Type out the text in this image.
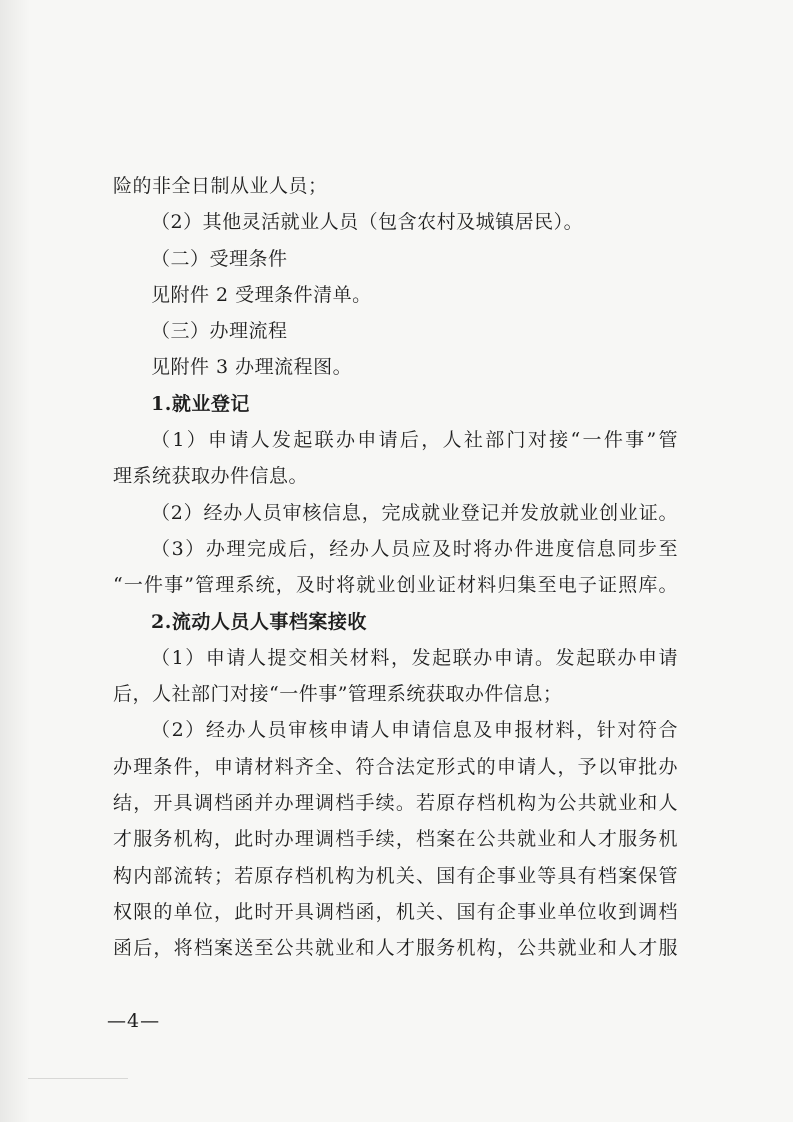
险的非全日制从业人员；
（2）其他灵活就业人员（包含农村及城镇居民）。
（二）受理条件
见附件 2 受理条件清单。
（三）办理流程
见附件 3 办理流程图。
1.就业登记
（1）申请人发起联办申请后，人社部门对接“一件事”管
理系统获取办件信息。
（2）经办人员审核信息，完成就业登记并发放就业创业证。
（3）办理完成后，经办人员应及时将办件进度信息同步至
“一件事”管理系统，及时将就业创业证材料归集至电子证照库。
2.流动人员人事档案接收
（1）申请人提交相关材料，发起联办申请。发起联办申请
后，人社部门对接“一件事”管理系统获取办件信息；
（2）经办人员审核申请人申请信息及申报材料，针对符合
办理条件，申请材料齐全、符合法定形式的申请人，予以审批办
结，开具调档函并办理调档手续。若原存档机构为公共就业和人
才服务机构，此时办理调档手续，档案在公共就业和人才服务机
构内部流转；若原存档机构为机关、国有企事业等具有档案保管
权限的单位，此时开具调档函，机关、国有企事业单位收到调档
函后，将档案送至公共就业和人才服务机构，公共就业和人才服
—4—
